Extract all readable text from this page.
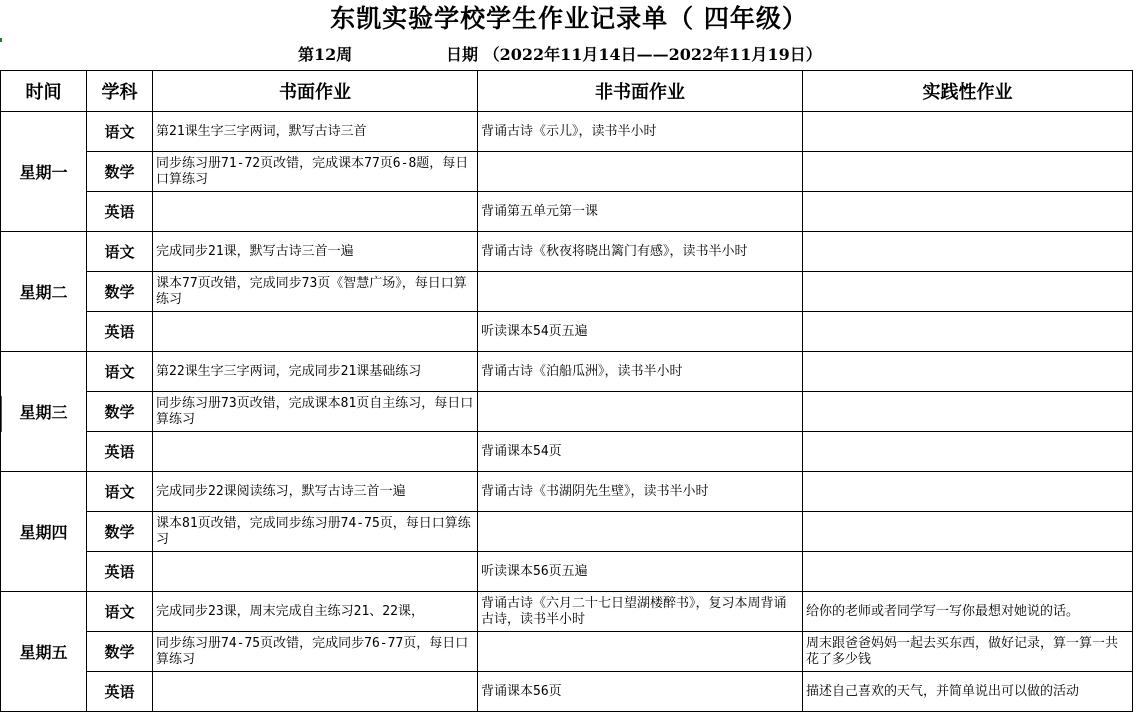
东凯实验学校学生作业记录单（ 四年级）
第12周	日期 （2022年11月14日——2022年11月19日）
时间	学科	书面作业	非书面作业	实践性作业
星期一	语文	第21课生字三字两词，默写古诗三首	背诵古诗《示儿》，读书半小时	
	数学	同步练习册71-72页改错，完成课本77页6-8题，每日口算练习		
	英语		背诵第五单元第一课	
星期二	语文	完成同步21课，默写古诗三首一遍	背诵古诗《秋夜将晓出篱门有感》，读书半小时	
	数学	课本77页改错，完成同步73页《智慧广场》，每日口算练习		
	英语		听读课本54页五遍	
星期三	语文	第22课生字三字两词，完成同步21课基础练习	背诵古诗《泊船瓜洲》，读书半小时	
	数学	同步练习册73页改错，完成课本81页自主练习，每日口算练习		
	英语		背诵课本54页	
星期四	语文	完成同步22课阅读练习，默写古诗三首一遍	背诵古诗《书湖阴先生壁》，读书半小时	
	数学	课本81页改错，完成同步练习册74-75页，每日口算练习		
	英语		听读课本56页五遍	
星期五	语文	完成同步23课，周末完成自主练习21、22课，	背诵古诗《六月二十七日望湖楼醉书》，复习本周背诵古诗，读书半小时	给你的老师或者同学写一写你最想对她说的话。
	数学	同步练习册74-75页改错，完成同步76-77页，每日口算练习		周末跟爸爸妈妈一起去买东西，做好记录，算一算一共花了多少钱
	英语		背诵课本56页	描述自己喜欢的天气，并简单说出可以做的活动
